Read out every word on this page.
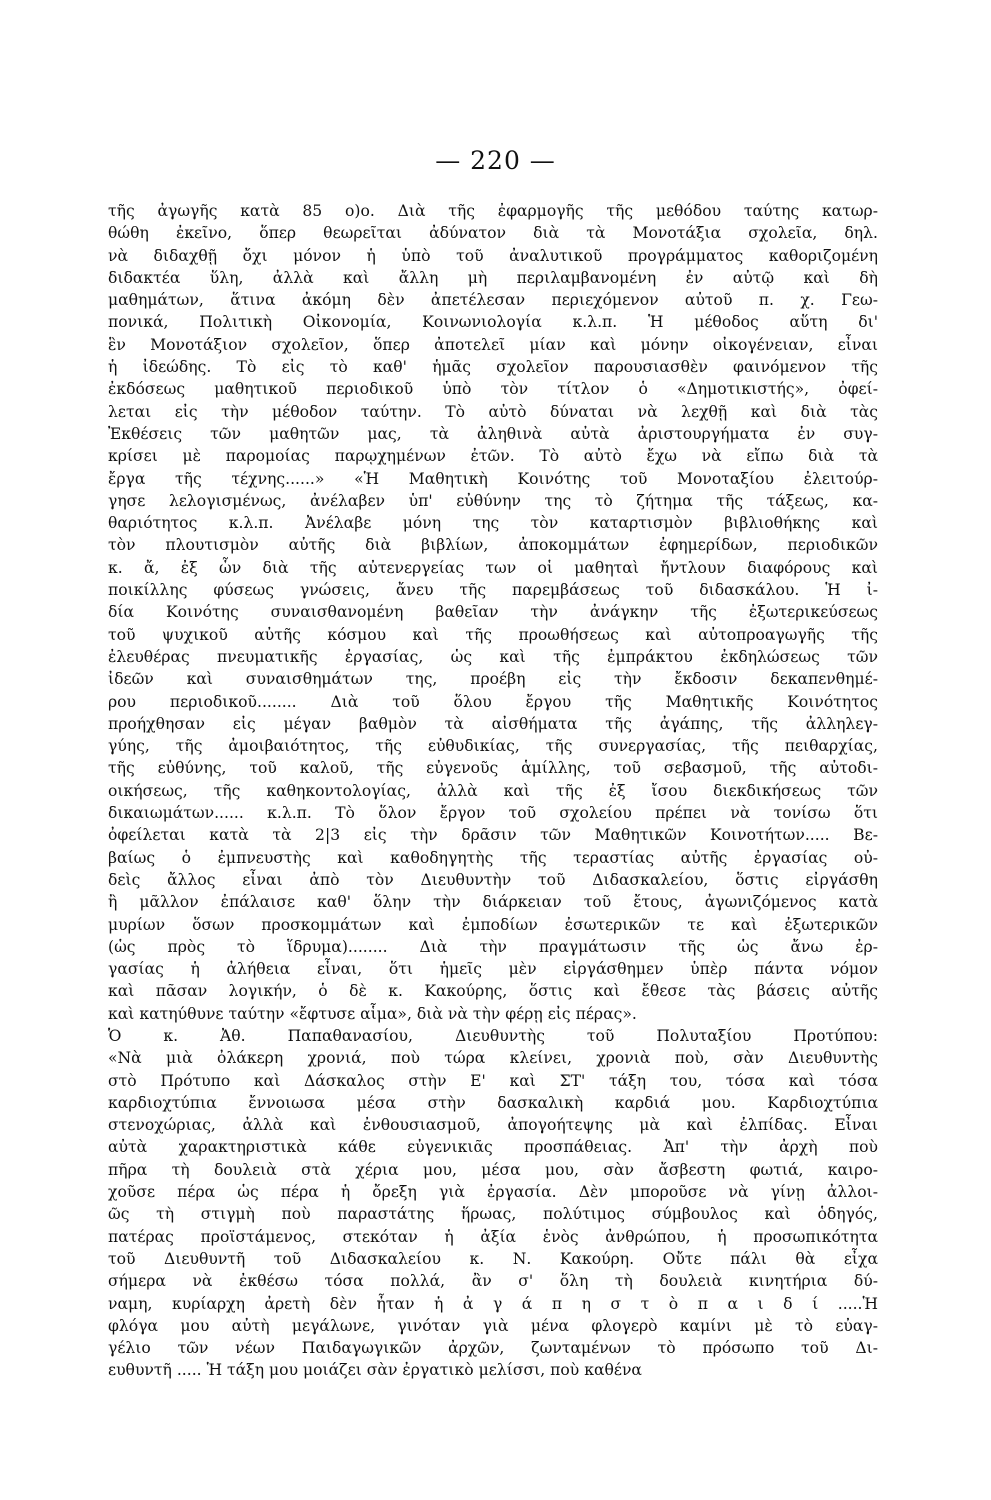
— 220 —
τῆς ἀγωγῆς κατὰ 85 ο)ο. Διὰ τῆς ἐφαρμογῆς τῆς μεθόδου ταύτης κατωρ-
θώθη ἐκεῖνο, ὅπερ θεωρεῖται ἀδύνατον διὰ τὰ Μονοτάξια σχολεῖα, δηλ.
νὰ διδαχθῇ ὄχι μόνον ἡ ὑπὸ τοῦ ἀναλυτικοῦ προγράμματος καθοριζομένη
διδακτέα ὕλη, ἀλλὰ καὶ ἄλλη μὴ περιλαμβανομένη ἐν αὐτῷ καὶ δὴ
μαθημάτων, ἅτινα ἀκόμη δὲν ἀπετέλεσαν περιεχόμενον αὐτοῦ π. χ. Γεω-
πονικά, Πολιτικὴ Οἰκονομία, Κοινωνιολογία κ.λ.π. Ἡ μέθοδος αὕτη δι'
ἓν Μονοτάξιον σχολεῖον, ὅπερ ἀποτελεῖ μίαν καὶ μόνην οἰκογένειαν, εἶναι
ἡ ἰδεώδης. Τὸ εἰς τὸ καθ' ἡμᾶς σχολεῖον παρουσιασθὲν φαινόμενον τῆς
ἐκδόσεως μαθητικοῦ περιοδικοῦ ὑπὸ τὸν τίτλον ὁ «Δημοτικιστής», ὀφεί-
λεται εἰς τὴν μέθοδον ταύτην. Τὸ αὐτὸ δύναται νὰ λεχθῇ καὶ διὰ τὰς
Ἐκθέσεις τῶν μαθητῶν μας, τὰ ἀληθινὰ αὐτὰ ἀριστουργήματα ἐν συγ-
κρίσει μὲ παρομοίας παρῳχημένων ἐτῶν. Τὸ αὐτὸ ἔχω νὰ εἴπω διὰ τὰ
ἔργα τῆς τέχνης......» «Ἡ Μαθητικὴ Κοινότης τοῦ Μονοταξίου ἐλειτούρ-
γησε λελογισμένως, ἀνέλαβεν ὑπ' εὐθύνην της τὸ ζήτημα τῆς τάξεως, κα-
θαριότητος κ.λ.π. Ἀνέλαβε μόνη της τὸν καταρτισμὸν βιβλιοθήκης καὶ
τὸν πλουτισμὸν αὐτῆς διὰ βιβλίων, ἀποκομμάτων ἐφημερίδων, περιοδικῶν
κ. ἄ, ἐξ ὧν διὰ τῆς αὐτενεργείας των οἱ μαθηταὶ ἤντλουν διαφόρους καὶ
ποικίλλης φύσεως γνώσεις, ἄνευ τῆς παρεμβάσεως τοῦ διδασκάλου. Ἡ ἰ-
δία Κοινότης συναισθανομένη βαθεῖαν τὴν ἀνάγκην τῆς ἐξωτερικεύσεως
τοῦ ψυχικοῦ αὐτῆς κόσμου καὶ τῆς προωθήσεως καὶ αὐτοπροαγωγῆς τῆς
ἐλευθέρας πνευματικῆς ἐργασίας, ὡς καὶ τῆς ἐμπράκτου ἐκδηλώσεως τῶν
ἰδεῶν καὶ συναισθημάτων της, προέβη εἰς τὴν ἔκδοσιν δεκαπενθημέ-
ρου περιοδικοῦ........ Διὰ τοῦ ὅλου ἔργου τῆς Μαθητικῆς Κοινότητος
προήχθησαν εἰς μέγαν βαθμὸν τὰ αἰσθήματα τῆς ἀγάπης, τῆς ἀλληλεγ-
γύης, τῆς ἀμοιβαιότητος, τῆς εὐθυδικίας, τῆς συνεργασίας, τῆς πειθαρχίας,
τῆς εὐθύνης, τοῦ καλοῦ, τῆς εὐγενοῦς ἁμίλλης, τοῦ σεβασμοῦ, τῆς αὐτοδι-
οικήσεως, τῆς καθηκοντολογίας, ἀλλὰ καὶ τῆς ἐξ ἴσου διεκδικήσεως τῶν
δικαιωμάτων...... κ.λ.π. Τὸ ὅλον ἔργον τοῦ σχολείου πρέπει νὰ τονίσω ὅτι
ὀφείλεται κατὰ τὰ 2|3 εἰς τὴν δρᾶσιν τῶν Μαθητικῶν Κοινοτήτων..... Βε-
βαίως ὁ ἐμπνευστὴς καὶ καθοδηγητὴς τῆς τεραστίας αὐτῆς ἐργασίας οὐ-
δεὶς ἄλλος εἶναι ἀπὸ τὸν Διευθυντὴν τοῦ Διδασκαλείου, ὅστις εἰργάσθη
ἢ μᾶλλον ἐπάλαισε καθ' ὅλην τὴν διάρκειαν τοῦ ἔτους, ἀγωνιζόμενος κατὰ
μυρίων ὅσων προσκομμάτων καὶ ἐμποδίων ἐσωτερικῶν τε καὶ ἐξωτερικῶν
(ὡς πρὸς τὸ ἵδρυμα)........ Διὰ τὴν πραγμάτωσιν τῆς ὡς ἄνω ἐρ-
γασίας ἡ ἀλήθεια εἶναι, ὅτι ἡμεῖς μὲν εἰργάσθημεν ὑπὲρ πάντα νόμον
καὶ πᾶσαν λογικήν, ὁ δὲ κ. Κακούρης, ὅστις καὶ ἔθεσε τὰς βάσεις αὐτῆς
καὶ κατηύθυνε ταύτην «ἔφτυσε αἷμα», διὰ νὰ τὴν φέρῃ εἰς πέρας».
Ὁ κ. Ἀθ. Παπαθανασίου, Διευθυντὴς τοῦ Πολυταξίου Προτύπου:
«Νὰ μιὰ ὀλάκερη χρονιά, ποὺ τώρα κλείνει, χρονιὰ ποὺ, σὰν Διευθυντὴς
στὸ Πρότυπο καὶ Δάσκαλος στὴν Ε' καὶ ΣΤ' τάξη του, τόσα καὶ τόσα
καρδιοχτύπια ἔννοιωσα μέσα στὴν δασκαλικὴ καρδιά μου. Καρδιοχτύπια
στενοχώριας, ἀλλὰ καὶ ἐνθουσιασμοῦ, ἀπογοήτεψης μὰ καὶ ἐλπίδας. Εἶναι
αὐτὰ χαρακτηριστικὰ κάθε εὐγενικιᾶς προσπάθειας. Ἀπ' τὴν ἀρχὴ ποὺ
πῆρα τὴ δουλειὰ στὰ χέρια μου, μέσα μου, σὰν ἄσβεστη φωτιά, καιρο-
χοῦσε πέρα ὡς πέρα ἡ ὄρεξη γιὰ ἐργασία. Δὲν μποροῦσε νὰ γίνῃ ἀλλοι-
ῶς τὴ στιγμὴ ποὺ παραστάτης ἥρωας, πολύτιμος σύμβουλος καὶ ὁδηγός,
πατέρας προϊστάμενος, στεκόταν ἡ ἀξία ἑνὸς ἀνθρώπου, ἡ προσωπικότητα
τοῦ Διευθυντῆ τοῦ Διδασκαλείου κ. Ν. Κακούρη. Οὔτε πάλι θὰ εἶχα
σήμερα νὰ ἐκθέσω τόσα πολλά, ἂν σ' ὅλη τὴ δουλειὰ κινητήρια δύ-
ναμη, κυρίαρχη ἀρετὴ δὲν ἦταν ἡ ἀ γ ά π η σ τ ὸ π α ι δ ί .....Ἡ
φλόγα μου αὐτὴ μεγάλωνε, γινόταν γιὰ μένα φλογερὸ καμίνι μὲ τὸ εὐαγ-
γέλιο τῶν νέων Παιδαγωγικῶν ἀρχῶν, ζωνταμένων τὸ πρόσωπο τοῦ Δι-
ευθυντῆ ..... Ἡ τάξη μου μοιάζει σὰν ἐργατικὸ μελίσσι, ποὺ καθένα
